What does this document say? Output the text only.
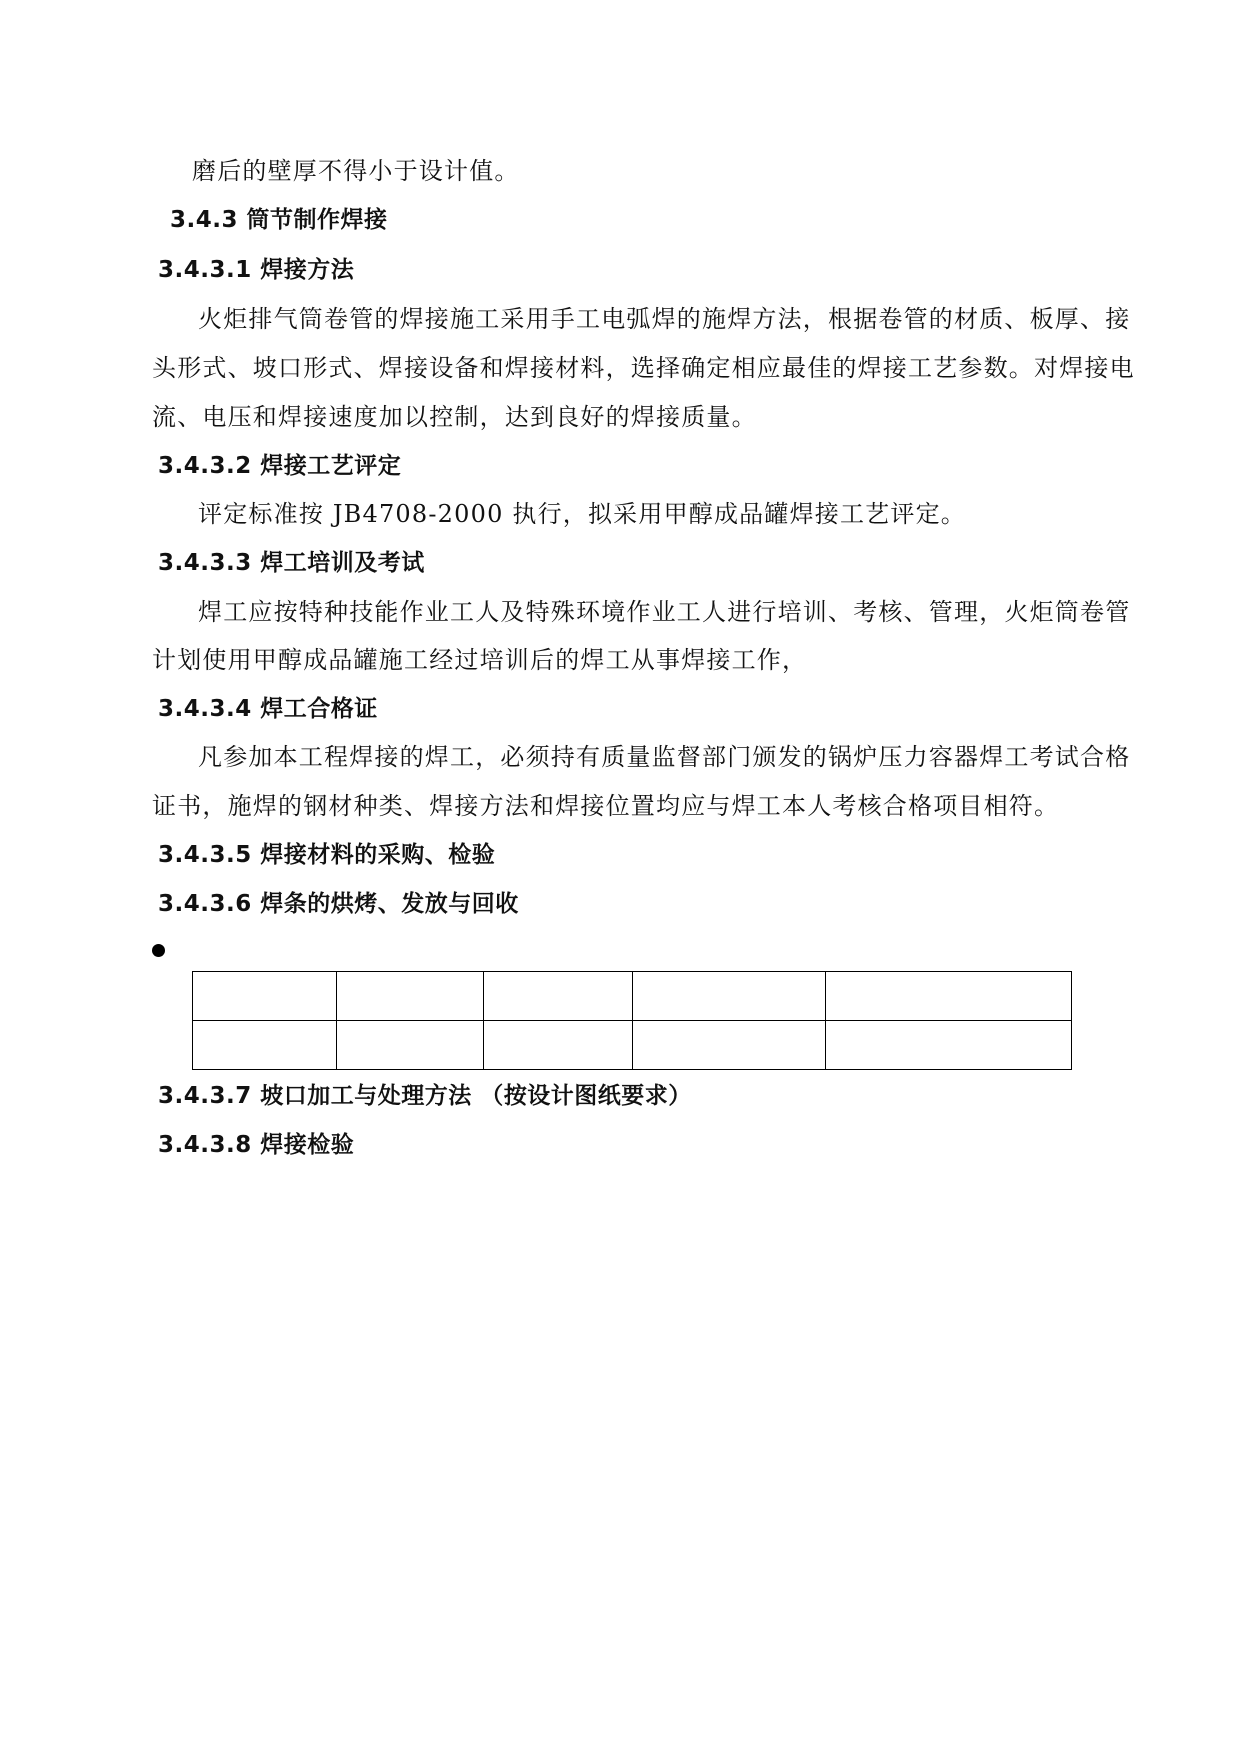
磨后的壁厚不得小于设计值。
3.4.3 筒节制作焊接
3.4.3.1 焊接方法
火炬排气筒卷管的焊接施工采用手工电弧焊的施焊方法，根据卷管的材质、板厚、接
头形式、坡口形式、焊接设备和焊接材料，选择确定相应最佳的焊接工艺参数。对焊接电
流、电压和焊接速度加以控制，达到良好的焊接质量。
3.4.3.2 焊接工艺评定
评定标准按 JB4708-2000 执行，拟采用甲醇成品罐焊接工艺评定。
3.4.3.3 焊工培训及考试
焊工应按特种技能作业工人及特殊环境作业工人进行培训、考核、管理，火炬筒卷管
计划使用甲醇成品罐施工经过培训后的焊工从事焊接工作，
3.4.3.4 焊工合格证
凡参加本工程焊接的焊工，必须持有质量监督部门颁发的锅炉压力容器焊工考试合格
证书，施焊的钢材种类、焊接方法和焊接位置均应与焊工本人考核合格项目相符。
3.4.3.5 焊接材料的采购、检验
3.4.3.6 焊条的烘烤、发放与回收

3.4.3.7 坡口加工与处理方法 （按设计图纸要求）
3.4.3.8 焊接检验
